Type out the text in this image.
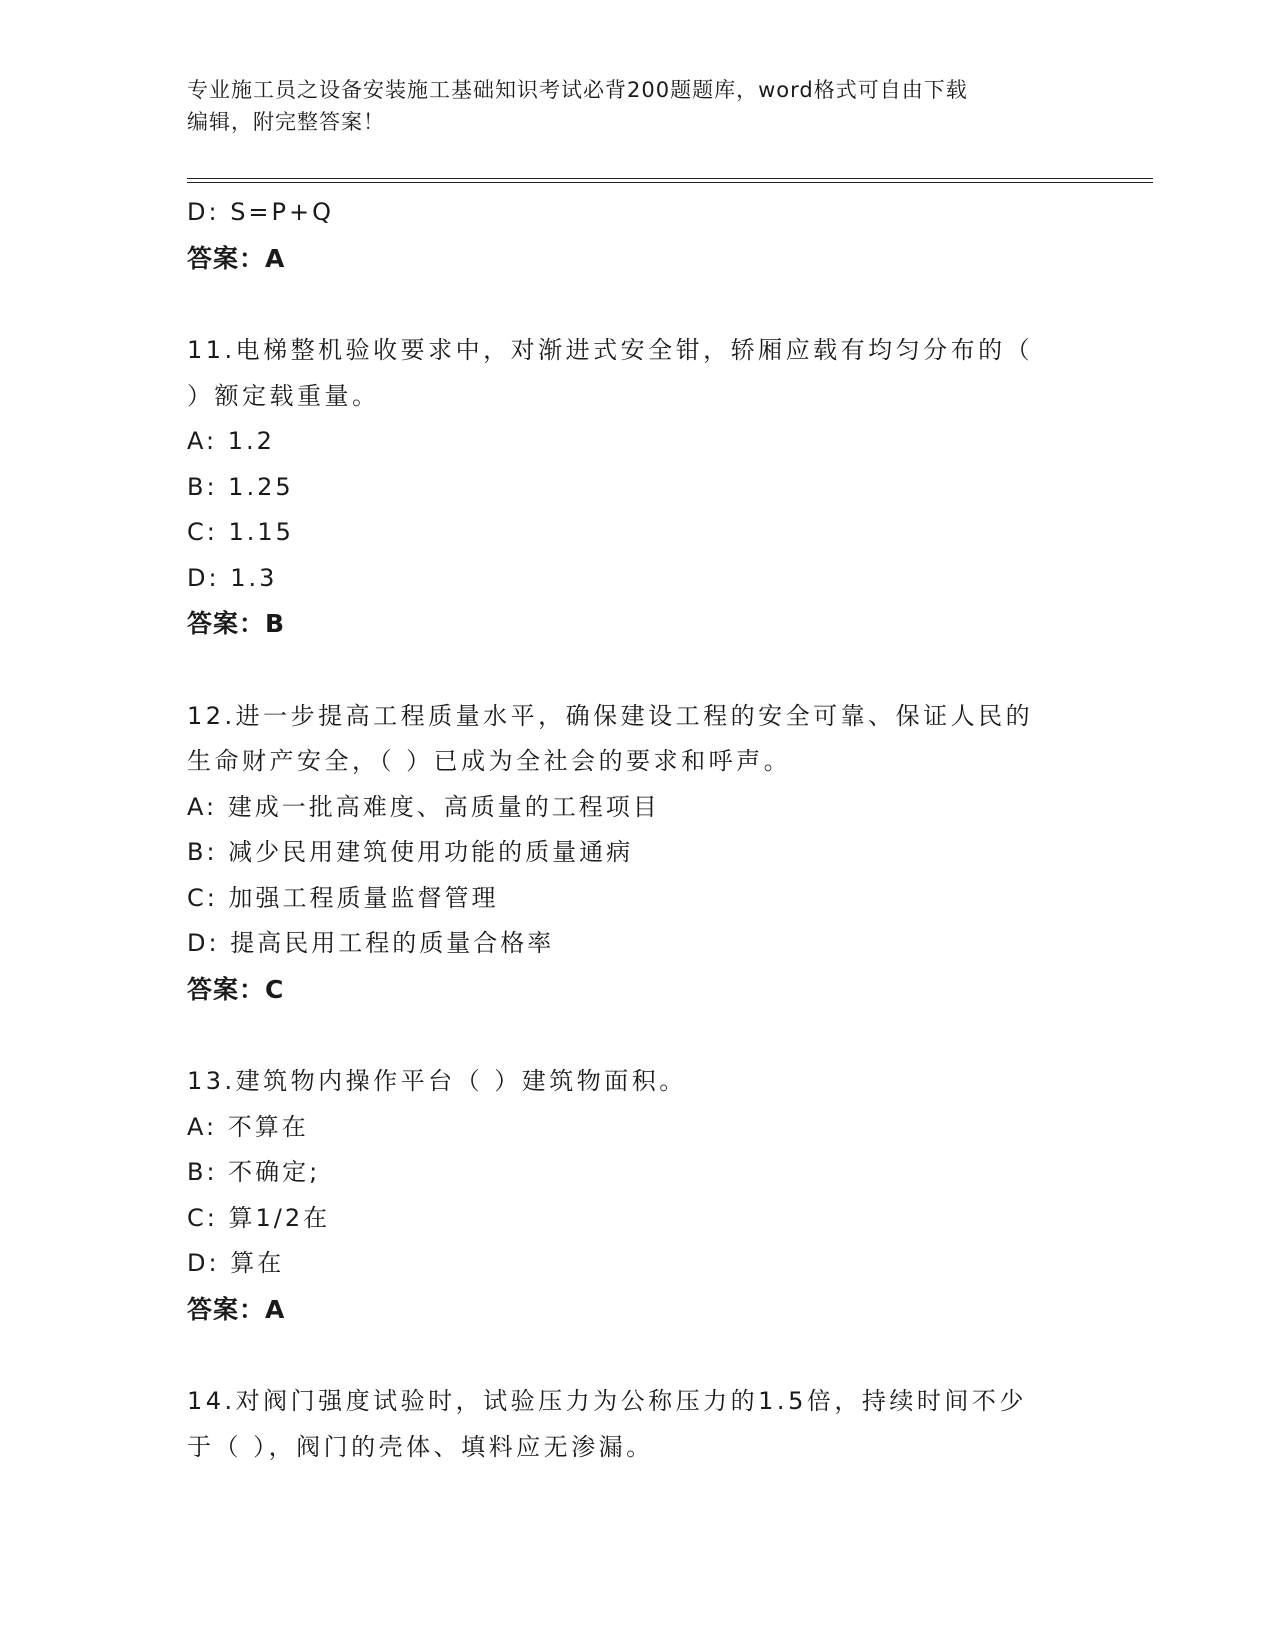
专业施工员之设备安装施工基础知识考试必背200题题库，word格式可自由下载
编辑，附完整答案！
D: S=P+Q
答案：A
11.电梯整机验收要求中，对渐进式安全钳，轿厢应载有均匀分布的（
）额定载重量。
A: 1.2
B: 1.25
C: 1.15
D: 1.3
答案：B
12.进一步提高工程质量水平，确保建设工程的安全可靠、保证人民的
生命财产安全，（ ）已成为全社会的要求和呼声。
A: 建成一批高难度、高质量的工程项目
B: 减少民用建筑使用功能的质量通病
C: 加强工程质量监督管理
D: 提高民用工程的质量合格率
答案：C
13.建筑物内操作平台（ ）建筑物面积。
A: 不算在
B: 不确定;
C: 算1/2在
D: 算在
答案：A
14.对阀门强度试验时，试验压力为公称压力的1.5倍，持续时间不少
于（ ），阀门的壳体、填料应无渗漏。
